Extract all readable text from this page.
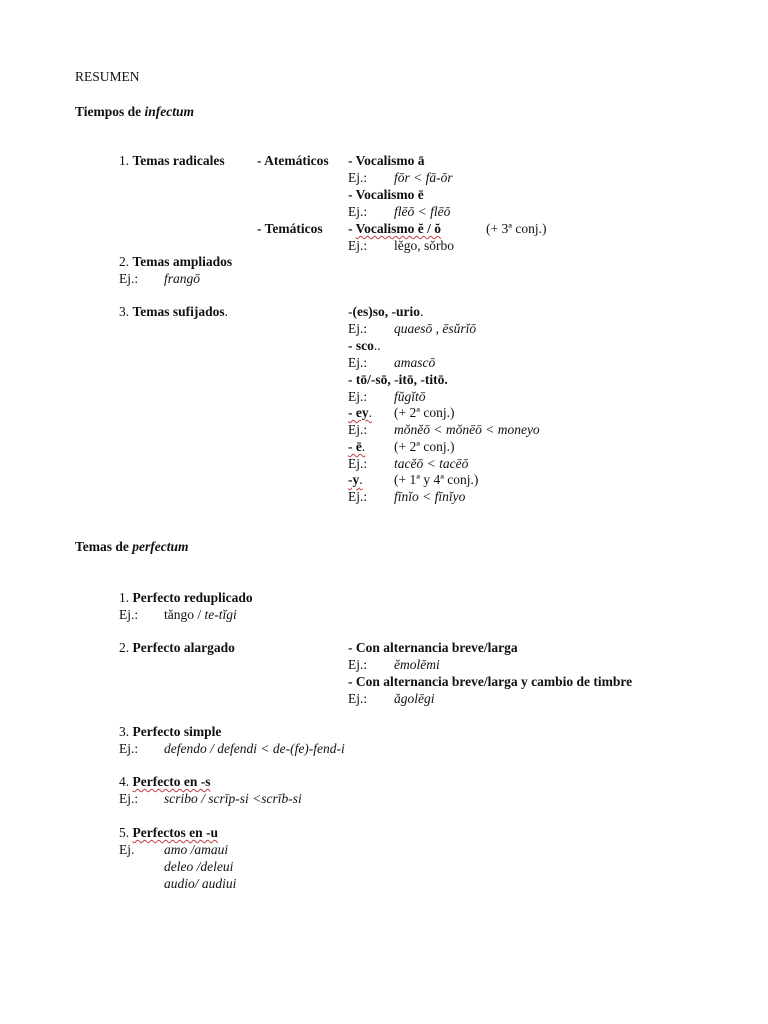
RESUMEN
Tiempos de infectum
1. Temas radicales - Atemáticos - Vocalismo ā
Ej.: fōr < fā-ōr
- Vocalismo ē
Ej.: flēō < flēō
- Temáticos - Vocalismo ĕ / ŏ	(+ 3ª conj.)
Ej.: lĕgo, sŏrbo
2. Temas ampliados
Ej.: frangō
3. Temas sufijados.	-(es)so, -urio.
Ej.: quaesō , ēsŭrĭō
- sco..
Ej.: amascō
- tō/-sō, -itō, -titō.
Ej.: fŭgĭtō
- ey. (+ 2ª conj.)
Ej.: mŏnĕō < mŏnēō < moneyo
- ē. (+ 2ª conj.)
Ej.: tacĕō < tacēō
-y. (+ 1ª y 4ª conj.)
Ej.: fīnĭo < fīnĭyo
Temas de perfectum
1. Perfecto reduplicado
Ej.: tăngo / te-tĭgi
2. Perfecto alargado	- Con alternancia breve/larga
Ej.: ĕmolēmi
- Con alternancia breve/larga y cambio de timbre
Ej.: ăgolēgi
3. Perfecto simple
Ej.: defendo / defendi < de-(fe)-fend-i
4. Perfecto en -s
Ej.: scribo / scrīp-si <scrīb-si
5. Perfectos en -u
Ej. amo /amaui
deleo /deleui
audio/ audiui
